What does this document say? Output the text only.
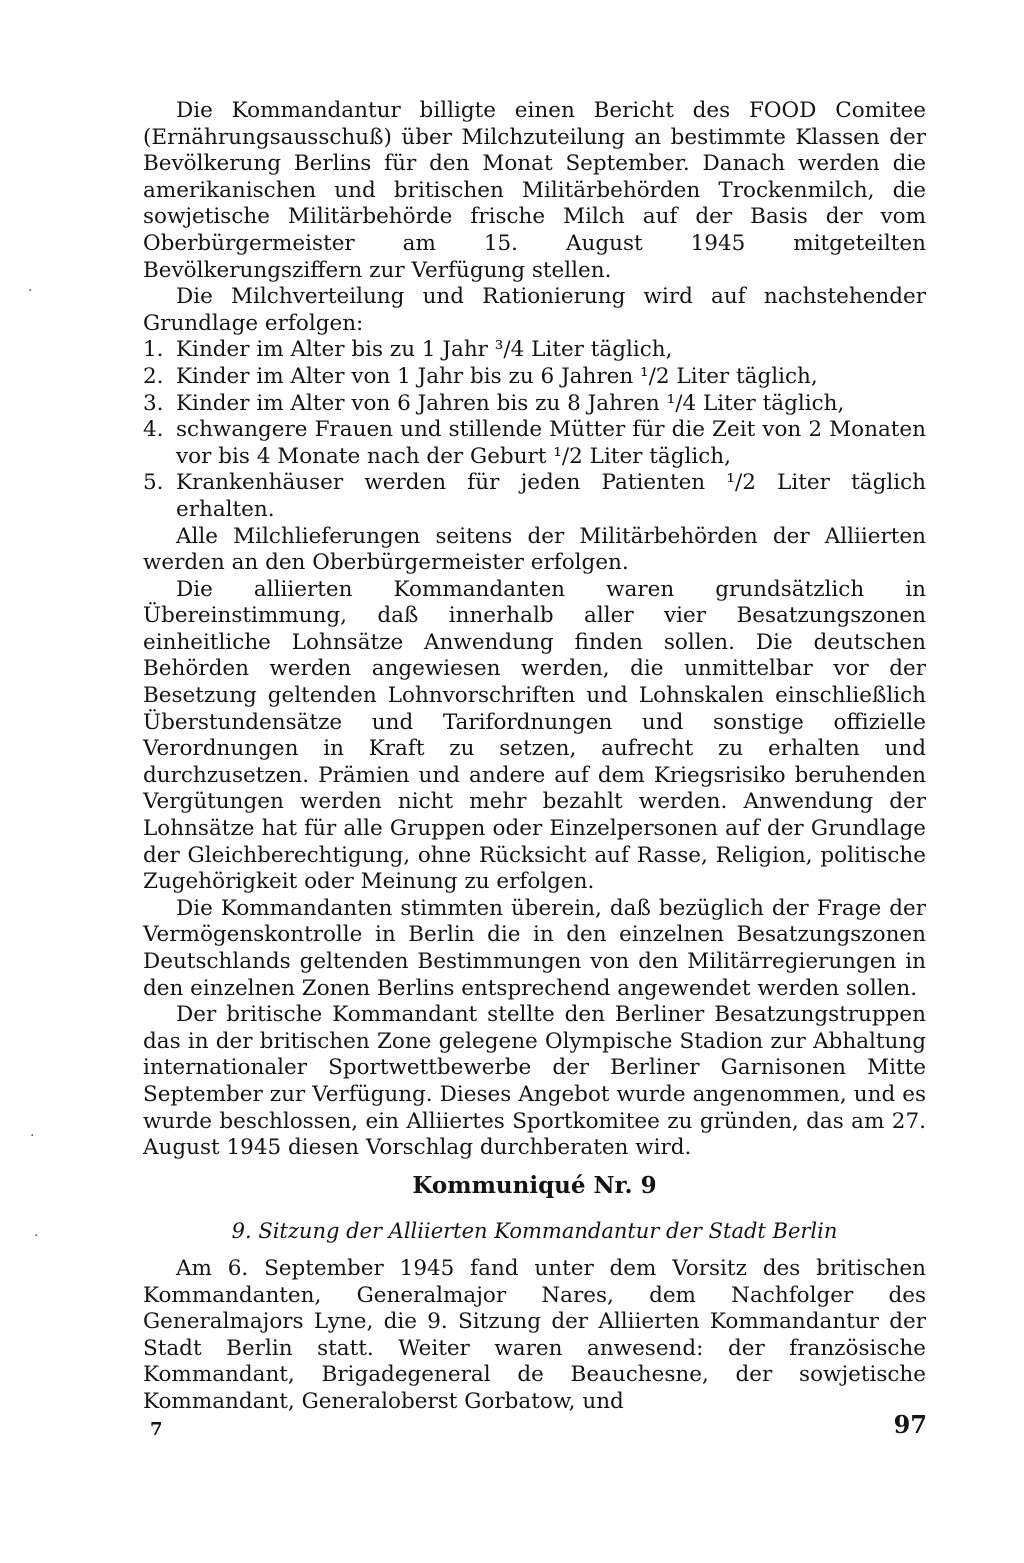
Die Kommandantur billigte einen Bericht des FOOD Comitee (Ernährungsausschuß) über Milchzuteilung an bestimmte Klassen der Bevölkerung Berlins für den Monat September. Danach werden die amerikanischen und britischen Militärbehörden Trockenmilch, die sowjetische Militärbehörde frische Milch auf der Basis der vom Oberbürgermeister am 15. August 1945 mitgeteilten Bevölkerungsziffern zur Verfügung stellen.

Die Milchverteilung und Rationierung wird auf nachstehender Grundlage erfolgen:

1. Kinder im Alter bis zu 1 Jahr ³/4 Liter täglich,
2. Kinder im Alter von 1 Jahr bis zu 6 Jahren ¹/2 Liter täglich,
3. Kinder im Alter von 6 Jahren bis zu 8 Jahren ¹/4 Liter täglich,
4. schwangere Frauen und stillende Mütter für die Zeit von 2 Monaten vor bis 4 Monate nach der Geburt ¹/2 Liter täglich,
5. Krankenhäuser werden für jeden Patienten ¹/2 Liter täglich erhalten.

Alle Milchlieferungen seitens der Militärbehörden der Alliierten werden an den Oberbürgermeister erfolgen.

Die alliierten Kommandanten waren grundsätzlich in Übereinstimmung, daß innerhalb aller vier Besatzungszonen einheitliche Lohnsätze Anwendung finden sollen. Die deutschen Behörden werden angewiesen werden, die unmittelbar vor der Besetzung geltenden Lohnvorschriften und Lohnskalen einschließlich Überstundensätze und Tarifordnungen und sonstige offizielle Verordnungen in Kraft zu setzen, aufrecht zu erhalten und durchzusetzen. Prämien und andere auf dem Kriegsrisiko beruhenden Vergütungen werden nicht mehr bezahlt werden. Anwendung der Lohnsätze hat für alle Gruppen oder Einzelpersonen auf der Grundlage der Gleichberechtigung, ohne Rücksicht auf Rasse, Religion, politische Zugehörigkeit oder Meinung zu erfolgen.

Die Kommandanten stimmten überein, daß bezüglich der Frage der Vermögenskontrolle in Berlin die in den einzelnen Besatzungszonen Deutschlands geltenden Bestimmungen von den Militärregierungen in den einzelnen Zonen Berlins entsprechend angewendet werden sollen.

Der britische Kommandant stellte den Berliner Besatzungstruppen das in der britischen Zone gelegene Olympische Stadion zur Abhaltung internationaler Sportwettbewerbe der Berliner Garnisonen Mitte September zur Verfügung. Dieses Angebot wurde angenommen, und es wurde beschlossen, ein Alliiertes Sportkomitee zu gründen, das am 27. August 1945 diesen Vorschlag durchberaten wird.

Kommuniqué Nr. 9
9. Sitzung der Alliierten Kommandantur der Stadt Berlin

Am 6. September 1945 fand unter dem Vorsitz des britischen Kommandanten, Generalmajor Nares, dem Nachfolger des Generalmajors Lyne, die 9. Sitzung der Alliierten Kommandantur der Stadt Berlin statt. Weiter waren anwesend: der französische Kommandant, Brigadegeneral de Beauchesne, der sowjetische Kommandant, Generaloberst Gorbatow, und

7	97
·
·
·
